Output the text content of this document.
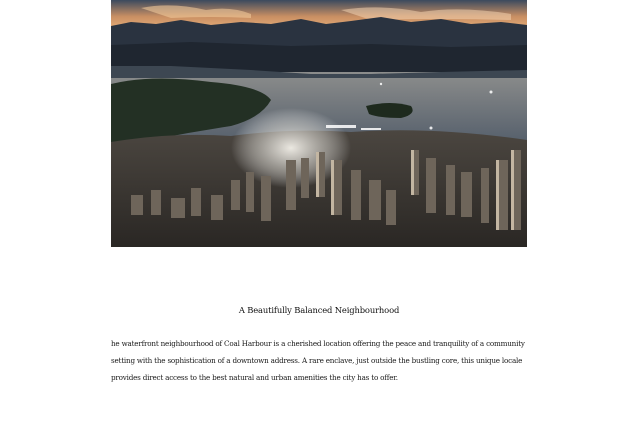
A Beautifully Balanced Neighbourhood

he waterfront neighbourhood of Coal Harbour is a cherished location offering the peace and tranquility of a community setting with the sophistication of a downtown address. A rare enclave, just outside the bustling core, this unique locale provides direct access to the best natural and urban amenities the city has to offer.
